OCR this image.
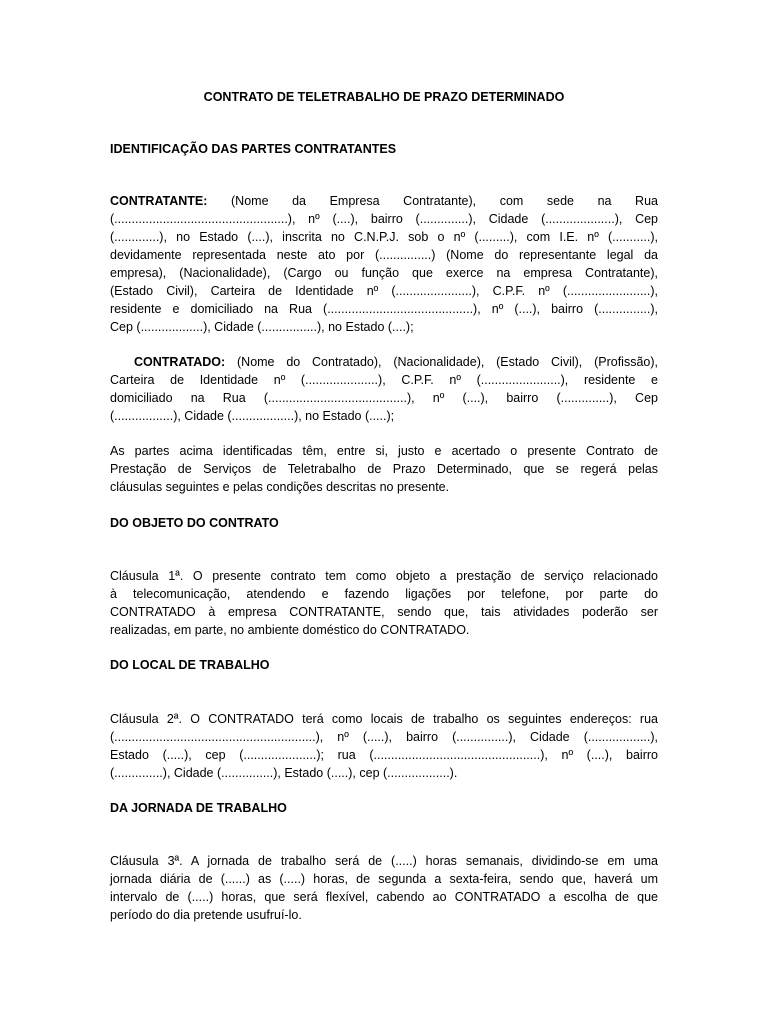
CONTRATO DE TELETRABALHO DE PRAZO DETERMINADO
IDENTIFICAÇÃO DAS PARTES CONTRATANTES
CONTRATANTE: (Nome da Empresa Contratante), com sede na Rua
(..................................................), nº (....), bairro (..............), Cidade (....................), Cep
(.............), no Estado (....), inscrita no C.N.P.J. sob o nº (.........), com I.E. nº (...........),
devidamente representada neste ato por (...............) (Nome do representante legal da
empresa), (Nacionalidade), (Cargo ou função que exerce na empresa Contratante),
(Estado Civil), Carteira de Identidade nº (......................), C.P.F. nº (........................),
residente e domiciliado na Rua (..........................................), nº (....), bairro (...............),
Cep (..................), Cidade (................), no Estado (....);
CONTRATADO: (Nome do Contratado), (Nacionalidade), (Estado Civil), (Profissão),
Carteira de Identidade nº (.....................), C.P.F. nº (.......................), residente e
domiciliado na Rua (........................................), nº (....), bairro (..............), Cep
(.................), Cidade (..................), no Estado (.....);
As partes acima identificadas têm, entre si, justo e acertado o presente Contrato de
Prestação de Serviços de Teletrabalho de Prazo Determinado, que se regerá pelas
cláusulas seguintes e pelas condições descritas no presente.
DO OBJETO DO CONTRATO
Cláusula 1ª. O presente contrato tem como objeto a prestação de serviço relacionado
à telecomunicação, atendendo e fazendo ligações por telefone, por parte do
CONTRATADO à empresa CONTRATANTE, sendo que, tais atividades poderão ser
realizadas, em parte, no ambiente doméstico do CONTRATADO.
DO LOCAL DE TRABALHO
Cláusula 2ª. O CONTRATADO terá como locais de trabalho os seguintes endereços: rua
(..........................................................), nº (.....), bairro (...............), Cidade (..................),
Estado (.....), cep (.....................); rua (................................................), nº (....), bairro
(..............), Cidade (...............), Estado (.....), cep (..................).
DA JORNADA DE TRABALHO
Cláusula 3ª. A jornada de trabalho será de (.....) horas semanais, dividindo-se em uma
jornada diária de (......) as (.....) horas, de segunda a sexta-feira, sendo que, haverá um
intervalo de (.....) horas, que será flexível, cabendo ao CONTRATADO a escolha de que
período do dia pretende usufruí-lo.
